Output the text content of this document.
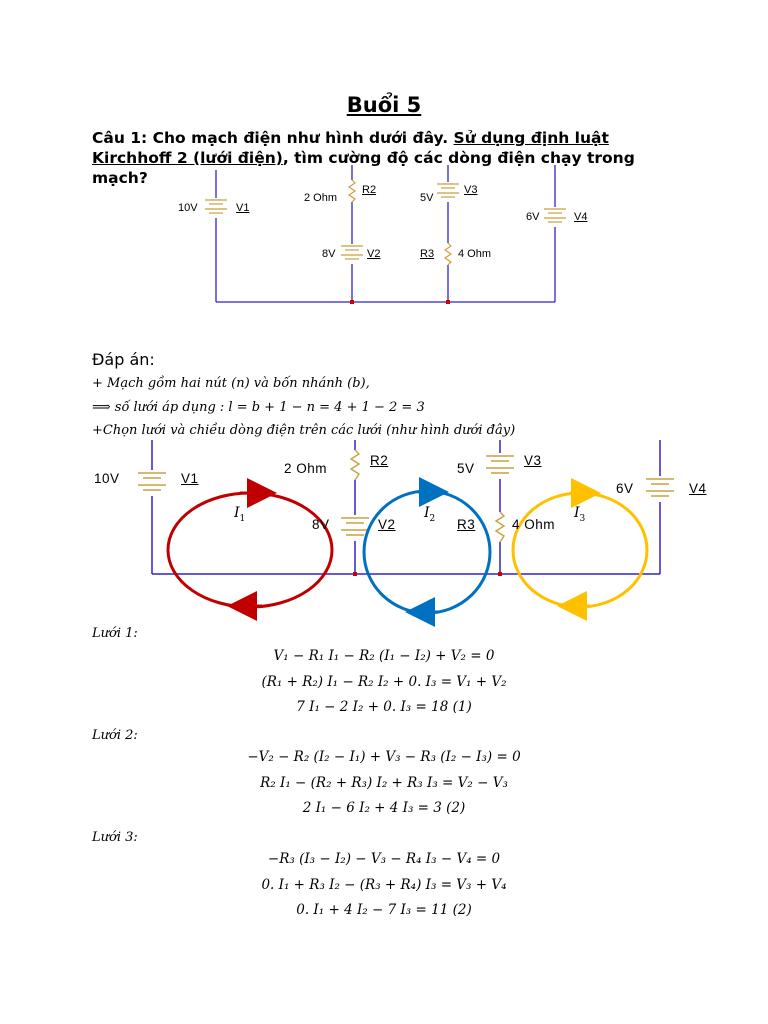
Buổi 5
Câu 1: Cho mạch điện như hình dưới đây. Sử dụng định luật Kirchhoff 2 (lưới điện), tìm cường độ các dòng điện chạy trong mạch?
10V	V1
2 Ohm
R2
5V
V3
6V	V4
8V	V2	R3 4 Ohm
Đáp án:
+ Mạch gồm hai nút (n) và bốn nhánh (b),
⟹ số lưới áp dụng : l = b + 1 − n = 4 + 1 − 2 = 3
+Chọn lưới và chiều dòng điện trên các lưới (như hình dưới đây)
10V	V1
2 Ohm
R2
5V
V3
6V	V4
8V	V2	R3	4 Ohm
$I_1$	$I_2$	$I_3$
Lưới 1:
V₁ − R₁ I₁ − R₂ (I₁ − I₂) + V₂ = 0
(R₁ + R₂) I₁ − R₂ I₂ + 0. I₃ = V₁ + V₂
7 I₁ − 2 I₂ + 0. I₃ = 18 (1)
Lưới 2:
−V₂ − R₂ (I₂ − I₁) + V₃ − R₃ (I₂ − I₃) = 0
R₂ I₁ − (R₂ + R₃) I₂ + R₃ I₃ = V₂ − V₃
2 I₁ − 6 I₂ + 4 I₃ = 3 (2)
Lưới 3:
−R₃ (I₃ − I₂) − V₃ − R₄ I₃ − V₄ = 0
0. I₁ + R₃ I₂ − (R₃ + R₄) I₃ = V₃ + V₄
0. I₁ + 4 I₂ − 7 I₃ = 11 (2)
